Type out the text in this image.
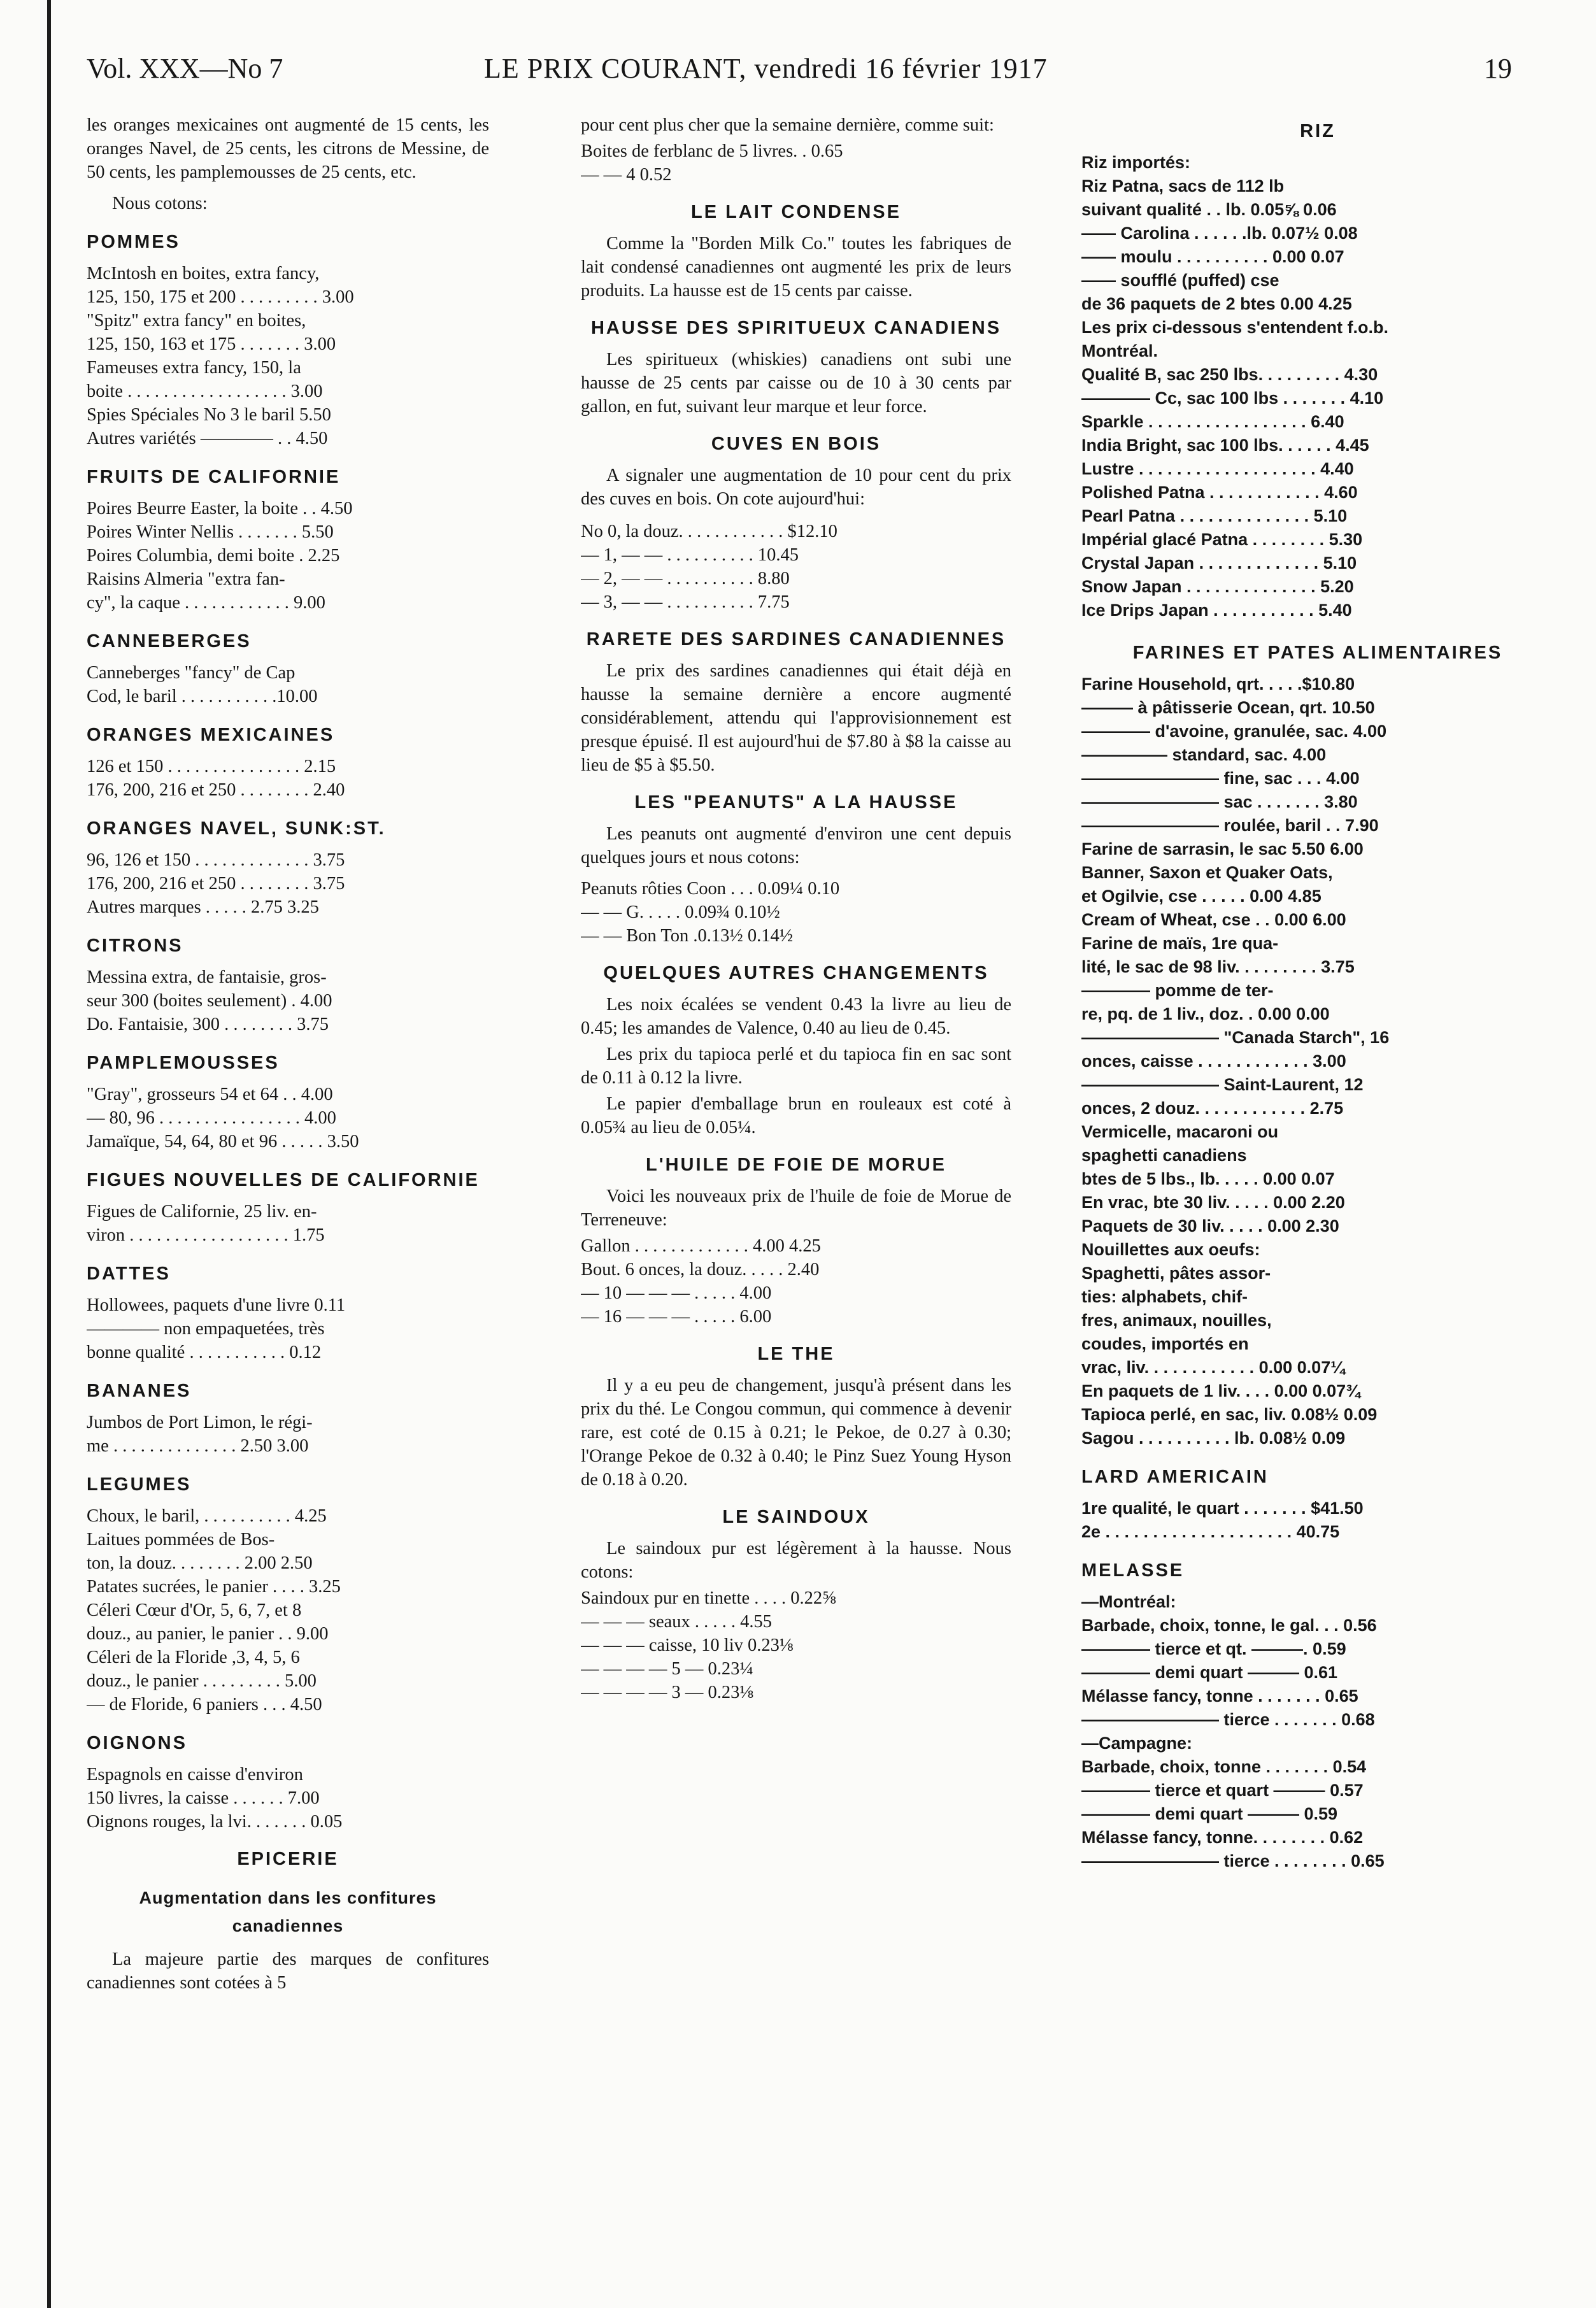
Vol. XXX—No 7	LE PRIX COURANT, vendredi 16 février 1917	19
les oranges mexicaines ont augmenté de 15 cents, les oranges Navel, de 25 cents, les citrons de Messine, de 50 cents, les pamplemousses de 25 cents, etc.
Nous cotons:
POMMES
McIntosh en boites, extra fancy,
125, 150, 175 et 200 . . . . . . . . . 3.00
"Spitz" extra fancy" en boites,
125, 150, 163 et 175 . . . . . . . 3.00
Fameuses extra fancy, 150, la
boite . . . . . . . . . . . . . . . . . . 3.00
Spies Spéciales No 3 le baril 5.50
Autres variétés ———— . . 4.50
FRUITS DE CALIFORNIE
Poires Beurre Easter, la boite . . 4.50
Poires Winter Nellis . . . . . . . 5.50
Poires Columbia, demi boite . 2.25
Raisins Almeria "extra fan-
cy", la caque . . . . . . . . . . . . 9.00
CANNEBERGES
Canneberges "fancy" de Cap
Cod, le baril . . . . . . . . . . .10.00
ORANGES MEXICAINES
126 et 150 . . . . . . . . . . . . . . . 2.15
176, 200, 216 et 250 . . . . . . . . 2.40
ORANGES NAVEL, SUNK:ST.
96, 126 et 150 . . . . . . . . . . . . . 3.75
176, 200, 216 et 250 . . . . . . . . 3.75
Autres marques . . . . . 2.75 3.25
CITRONS
Messina extra, de fantaisie, gros-
seur 300 (boites seulement) . 4.00
Do. Fantaisie, 300 . . . . . . . . 3.75
PAMPLEMOUSSES
"Gray", grosseurs 54 et 64 . . 4.00
— 80, 96 . . . . . . . . . . . . . . . . 4.00
Jamaïque, 54, 64, 80 et 96 . . . . . 3.50
FIGUES NOUVELLES DE CALIFORNIE
Figues de Californie, 25 liv. en-
viron . . . . . . . . . . . . . . . . . . 1.75
DATTES
Hollowees, paquets d'une livre 0.11
———— non empaquetées, très
bonne qualité . . . . . . . . . . . 0.12
BANANES
Jumbos de Port Limon, le régi-
me . . . . . . . . . . . . . . 2.50 3.00
LEGUMES
Choux, le baril, . . . . . . . . . . 4.25
Laitues pommées de Bos-
ton, la douz. . . . . . . . 2.00 2.50
Patates sucrées, le panier . . . . 3.25
Céleri Cœur d'Or, 5, 6, 7, et 8
douz., au panier, le panier . . 9.00
Céleri de la Floride ,3, 4, 5, 6
douz., le panier . . . . . . . . . 5.00
— de Floride, 6 paniers . . . 4.50
OIGNONS
Espagnols en caisse d'environ
150 livres, la caisse . . . . . . 7.00
Oignons rouges, la lvi. . . . . . . 0.05
EPICERIE
Augmentation dans les confitures canadiennes
La majeure partie des marques de confitures canadiennes sont cotées à 5
pour cent plus cher que la semaine dernière, comme suit:
Boites de ferblanc de 5 livres. . 0.65
— — 4 0.52
LE LAIT CONDENSE
Comme la "Borden Milk Co." toutes les fabriques de lait condensé canadiennes ont augmenté les prix de leurs produits. La hausse est de 15 cents par caisse.
HAUSSE DES SPIRITUEUX CANADIENS
Les spiritueux (whiskies) canadiens ont subi une hausse de 25 cents par caisse ou de 10 à 30 cents par gallon, en fut, suivant leur marque et leur force.
CUVES EN BOIS
A signaler une augmentation de 10 pour cent du prix des cuves en bois. On cote aujourd'hui:
No 0, la douz. . . . . . . . . . . . $12.10
— 1, — — . . . . . . . . . . 10.45
— 2, — — . . . . . . . . . . 8.80
— 3, — — . . . . . . . . . . 7.75
RARETE DES SARDINES CANADIENNES
Le prix des sardines canadiennes qui était déjà en hausse la semaine dernière a encore augmenté considérablement, attendu qui l'approvisionnement est presque épuisé. Il est aujourd'hui de $7.80 à $8 la caisse au lieu de $5 à $5.50.
LES "PEANUTS" A LA HAUSSE
Les peanuts ont augmenté d'environ une cent depuis quelques jours et nous cotons:
Peanuts rôties Coon . . . 0.09¼ 0.10
— — G. . . . . 0.09¾ 0.10½
— — Bon Ton .0.13½ 0.14½
QUELQUES AUTRES CHANGEMENTS
Les noix écalées se vendent 0.43 la livre au lieu de 0.45; les amandes de Valence, 0.40 au lieu de 0.45.
Les prix du tapioca perlé et du tapioca fin en sac sont de 0.11 à 0.12 la livre.
Le papier d'emballage brun en rouleaux est coté à 0.05¾ au lieu de 0.05¼.
L'HUILE DE FOIE DE MORUE
Voici les nouveaux prix de l'huile de foie de Morue de Terreneuve:
Gallon . . . . . . . . . . . . . 4.00 4.25
Bout. 6 onces, la douz. . . . . 2.40
— 10 — — — . . . . . 4.00
— 16 — — — . . . . . 6.00
LE THE
Il y a eu peu de changement, jusqu'à présent dans les prix du thé. Le Congou commun, qui commence à devenir rare, est coté de 0.15 à 0.21; le Pekoe, de 0.27 à 0.30; l'Orange Pekoe de 0.32 à 0.40; le Pinz Suez Young Hyson de 0.18 à 0.20.
LE SAINDOUX
Le saindoux pur est légèrement à la hausse. Nous cotons:
Saindoux pur en tinette . . . . 0.22⅝
— — — seaux . . . . . 4.55
— — — caisse, 10 liv 0.23⅛
— — — — 5 — 0.23¼
— — — — 3 — 0.23⅛
RIZ
Riz importés:
Riz Patna, sacs de 112 lb
suivant qualité . . lb. 0.05⅝ 0.06
—— Carolina . . . . . .lb. 0.07½ 0.08
—— moulu . . . . . . . . . . 0.00 0.07
—— soufflé (puffed) cse
de 36 paquets de 2 btes 0.00 4.25
Les prix ci-dessous s'entendent f.o.b.
Montréal.
Qualité B, sac 250 lbs. . . . . . . . . 4.30
———— Cc, sac 100 lbs . . . . . . . 4.10
Sparkle . . . . . . . . . . . . . . . . . 6.40
India Bright, sac 100 lbs. . . . . . 4.45
Lustre . . . . . . . . . . . . . . . . . . . 4.40
Polished Patna . . . . . . . . . . . . 4.60
Pearl Patna . . . . . . . . . . . . . . 5.10
Impérial glacé Patna . . . . . . . . 5.30
Crystal Japan . . . . . . . . . . . . . 5.10
Snow Japan . . . . . . . . . . . . . . 5.20
Ice Drips Japan . . . . . . . . . . . 5.40
FARINES ET PATES ALIMENTAIRES
Farine Household, qrt. . . . .$10.80
——— à pâtisserie Ocean, qrt. 10.50
———— d'avoine, granulée, sac. 4.00
————— standard, sac. 4.00
———————— fine, sac . . . 4.00
———————— sac . . . . . . . 3.80
———————— roulée, baril . . 7.90
Farine de sarrasin, le sac 5.50 6.00
Banner, Saxon et Quaker Oats,
et Ogilvie, cse . . . . . 0.00 4.85
Cream of Wheat, cse . . 0.00 6.00
Farine de maïs, 1re qua-
lité, le sac de 98 liv. . . . . . . . . 3.75
———— pomme de ter-
re, pq. de 1 liv., doz. . 0.00 0.00
———————— "Canada Starch", 16
onces, caisse . . . . . . . . . . . . 3.00
———————— Saint-Laurent, 12
onces, 2 douz. . . . . . . . . . . . 2.75
Vermicelle, macaroni ou
spaghetti canadiens
btes de 5 lbs., lb. . . . . 0.00 0.07
En vrac, bte 30 liv. . . . . 0.00 2.20
Paquets de 30 liv. . . . . 0.00 2.30
Nouillettes aux oeufs:
Spaghetti, pâtes assor-
ties: alphabets, chif-
fres, animaux, nouilles,
coudes, importés en
vrac, liv. . . . . . . . . . . . 0.00 0.07¼
En paquets de 1 liv. . . . 0.00 0.07¾
Tapioca perlé, en sac, liv. 0.08½ 0.09
Sagou . . . . . . . . . . lb. 0.08½ 0.09
LARD AMERICAIN
1re qualité, le quart . . . . . . . $41.50
2e . . . . . . . . . . . . . . . . . . . . 40.75
MELASSE
—Montréal:
Barbade, choix, tonne, le gal. . . 0.56
———— tierce et qt. ———. 0.59
———— demi quart ——— 0.61
Mélasse fancy, tonne . . . . . . . 0.65
———————— tierce . . . . . . . 0.68
—Campagne:
Barbade, choix, tonne . . . . . . . 0.54
———— tierce et quart ——— 0.57
———— demi quart ——— 0.59
Mélasse fancy, tonne. . . . . . . . 0.62
———————— tierce . . . . . . . . 0.65
